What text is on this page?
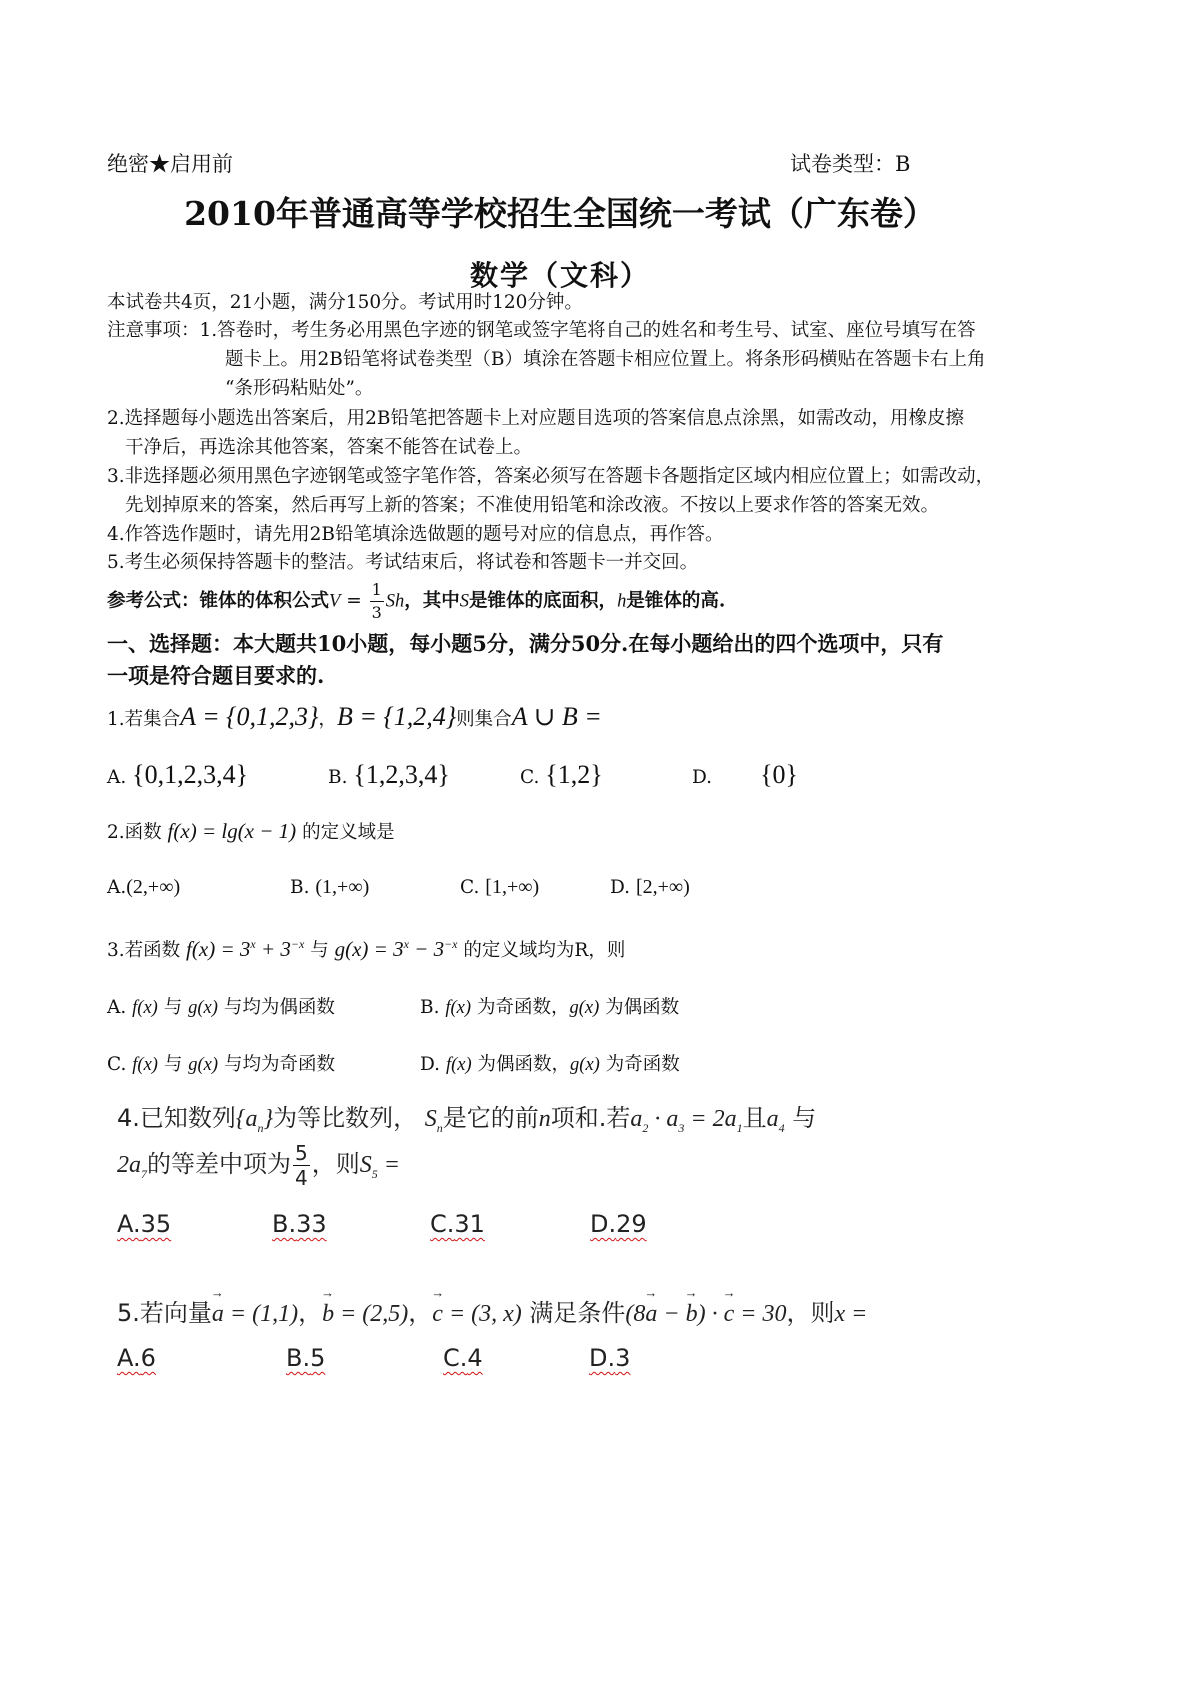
绝密★启用前	试卷类型：B
2010年普通高等学校招生全国统一考试（广东卷）
数学（文科）
本试卷共4页，21小题，满分150分。考试用时120分钟。
注意事项：1.答卷时，考生务必用黑色字迹的钢笔或签字笔将自己的姓名和考生号、试室、座位号填写在答
题卡上。用2B铅笔将试卷类型（B）填涂在答题卡相应位置上。将条形码横贴在答题卡右上角
“条形码粘贴处”。
2.选择题每小题选出答案后，用2B铅笔把答题卡上对应题目选项的答案信息点涂黑，如需改动，用橡皮擦
干净后，再选涂其他答案，答案不能答在试卷上。
3.非选择题必须用黑色字迹钢笔或签字笔作答，答案必须写在答题卡各题指定区域内相应位置上；如需改动，
先划掉原来的答案，然后再写上新的答案；不准使用铅笔和涂改液。不按以上要求作答的答案无效。
4.作答选作题时，请先用2B铅笔填涂选做题的题号对应的信息点，再作答。
5.考生必须保持答题卡的整洁。考试结束后，将试卷和答题卡一并交回。
参考公式：锥体的体积公式$V = \frac{1}{3}$ Sh，其中S是锥体的底面积，h是锥体的高.
一、选择题：本大题共10小题，每小题5分，满分50分.在每小题给出的四个选项中，只有
一项是符合题目要求的.
1.若集合A = {0,1,2,3}，B = {1,2,4}则集合A ∪ B =
A. {0,1,2,3,4}	B. {1,2,3,4}	C. {1,2}	D. {0}
2.函数 f(x) = lg(x − 1) 的定义域是
A.(2,+∞)	B. (1,+∞)	C. [1,+∞)	D. [2,+∞)
3.若函数 $f(x) = 3^x + 3^{-x}$ 与 $g(x) = 3^x - 3^{-x}$ 的定义域均为R，则
A. f(x) 与 g(x) 与均为偶函数	B. f(x) 为奇函数，g(x) 为偶函数
C. f(x) 与 g(x) 与均为奇函数	D. f(x) 为偶函数，g(x) 为奇函数
4.已知数列$\{a_n\}$为等比数列， $S_n$是它的前n项和.若$a_2 \cdot a_3 = 2a_1$且$a_4$ 与
$2a_7$的等差中项为 $\frac{5}{4}$ ，则$S_5$ =
A.35	B.33	C.31	D.29
5.若向量→ a = (1,1)，→ b = (2,5)，→ c = (3, x) 满足条件(8→ a − → b) · → c = 30，则x =
A.6	B.5	C.4	D.3
